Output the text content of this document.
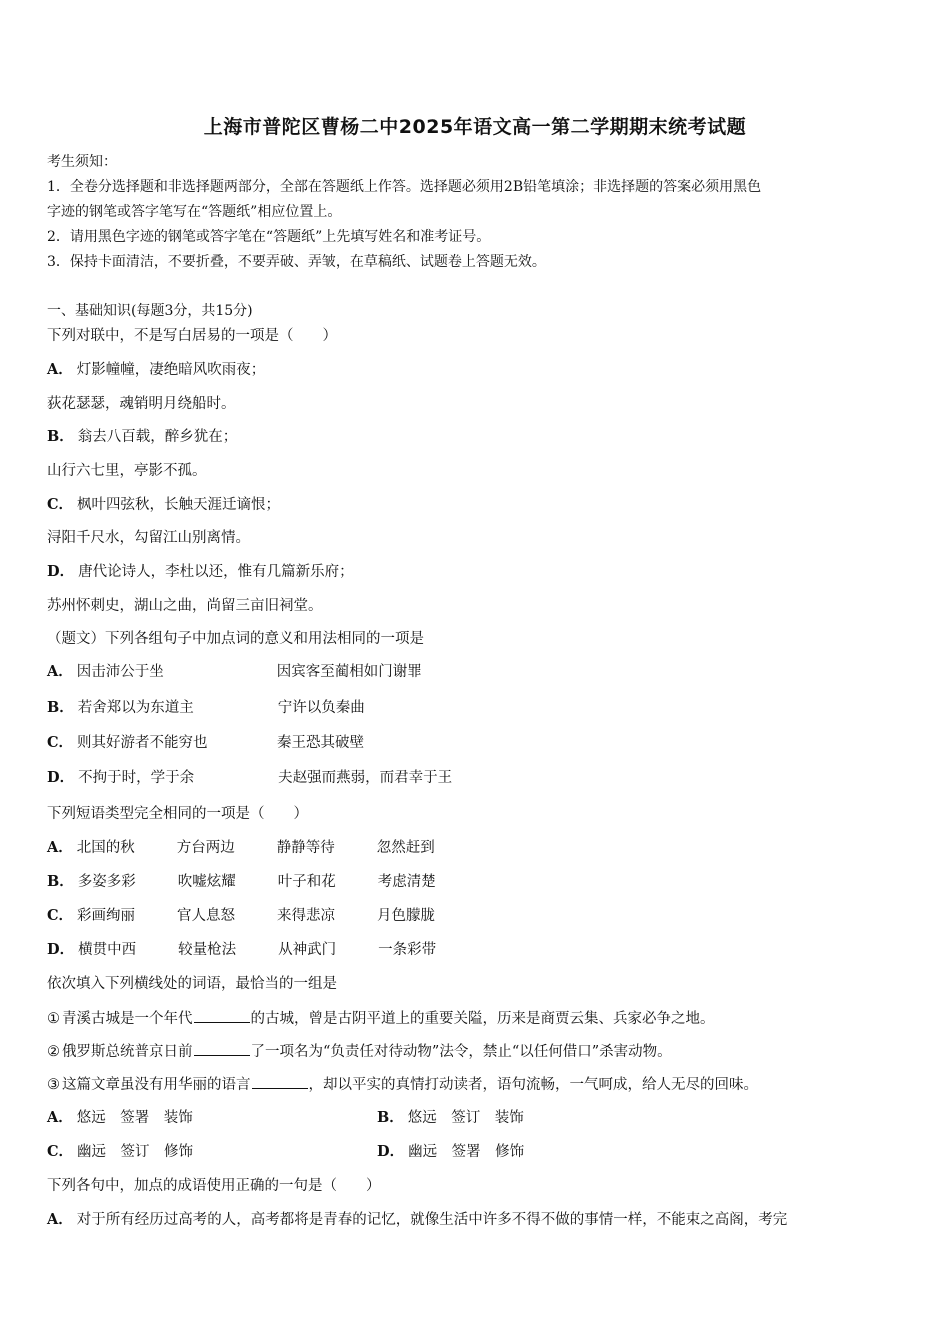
上海市普陀区曹杨二中2025年语文高一第二学期期末统考试题
考生须知：
1．全卷分选择题和非选择题两部分，全部在答题纸上作答。选择题必须用2B铅笔填涂；非选择题的答案必须用黑色
字迹的钢笔或答字笔写在“答题纸”相应位置上。
2．请用黑色字迹的钢笔或答字笔在“答题纸”上先填写姓名和准考证号。
3．保持卡面清洁，不要折叠，不要弄破、弄皱，在草稿纸、试题卷上答题无效。
一、基础知识(每题3分，共15分)
下列对联中，不是写白居易的一项是（　　）
A． 灯影幢幢，凄绝暗风吹雨夜；
荻花瑟瑟，魂销明月绕船时。
B． 翁去八百载，醉乡犹在；
山行六七里，亭影不孤。
C． 枫叶四弦秋，长触天涯迁谪恨；
浔阳千尺水，勾留江山别离情。
D． 唐代论诗人，李杜以还，惟有几篇新乐府；
苏州怀刺史，湖山之曲，尚留三亩旧祠堂。
（题文）下列各组句子中加点词的意义和用法相同的一项是
A． 因击沛公于坐	因宾客至蔺相如门谢罪
B． 若舍郑以为东道主	宁许以负秦曲
C． 则其好游者不能穷也	秦王恐其破壁
D． 不拘于时，学于余	夫赵强而燕弱，而君幸于王
下列短语类型完全相同的一项是（　　）
A． 北国的秋	方台两边	静静等待	忽然赶到
B． 多姿多彩	吹嘘炫耀	叶子和花	考虑清楚
C． 彩画绚丽	官人息怒	来得悲凉	月色朦胧
D． 横贯中西	较量枪法	从神武门	一条彩带
依次填入下列横线处的词语，最恰当的一组是
① 青溪古城是一个年代	的古城，曾是古阴平道上的重要关隘，历来是商贾云集、兵家必争之地。
② 俄罗斯总统普京日前	了一项名为“负责任对待动物”法令，禁止“以任何借口”杀害动物。
③ 这篇文章虽没有用华丽的语言	，却以平实的真情打动读者，语句流畅，一气呵成，给人无尽的回味。
A． 悠远　签署　装饰	B． 悠远　签订　装饰
C． 幽远　签订　修饰	D． 幽远　签署　修饰
下列各句中，加点的成语使用正确的一句是（　　）
A． 对于所有经历过高考的人，高考都将是青春的记忆，就像生活中许多不得不做的事情一样，不能束之高阁，考完
